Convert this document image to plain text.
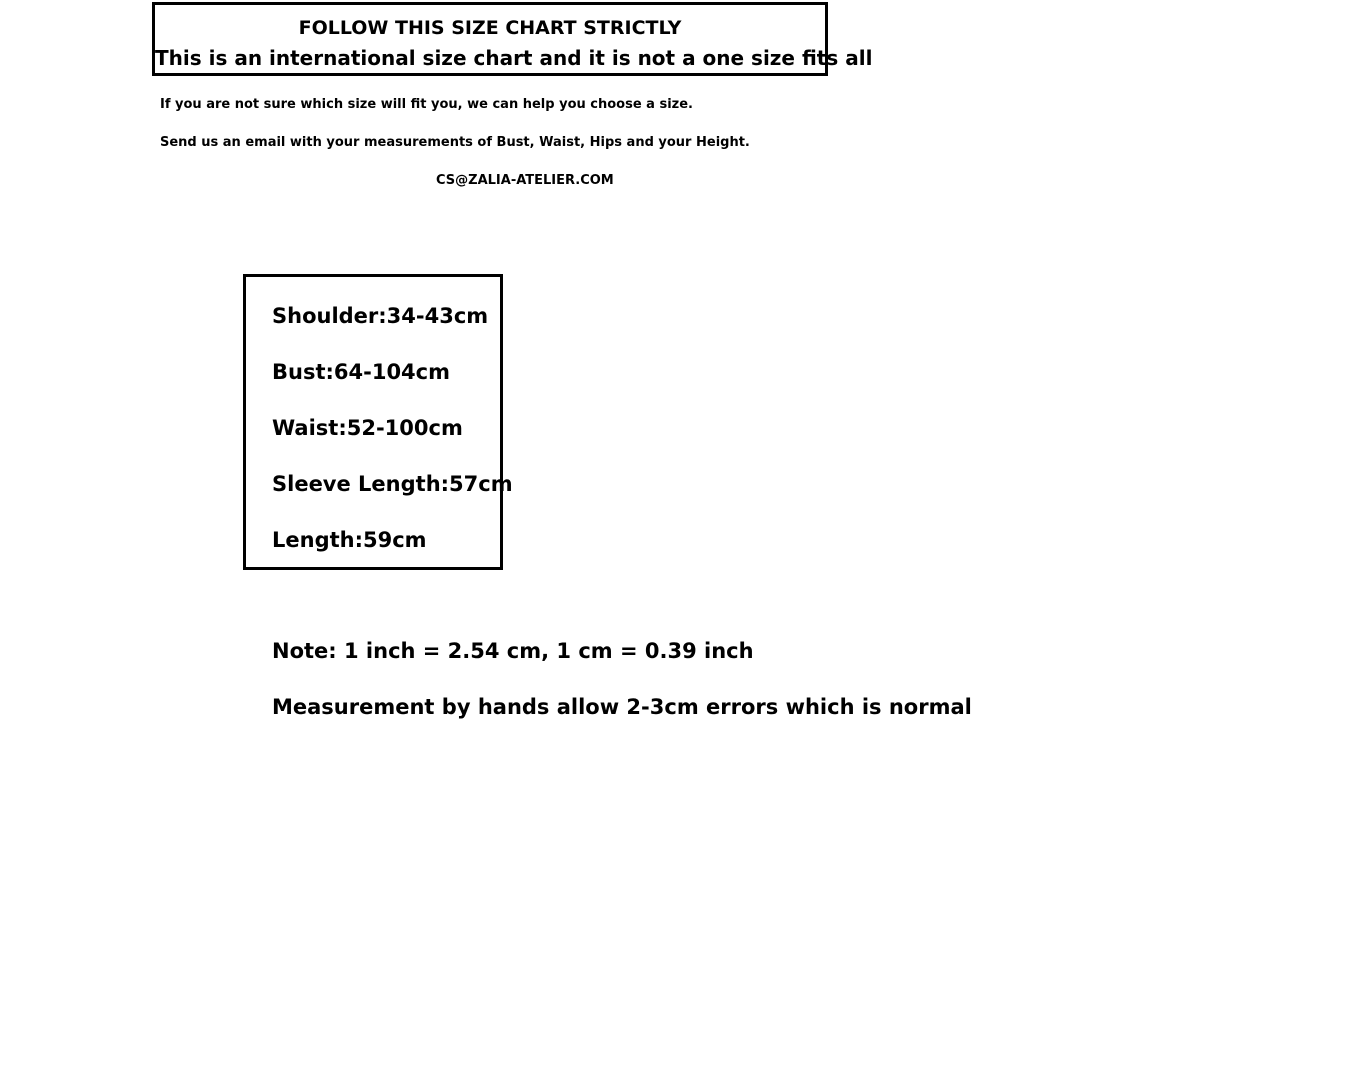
FOLLOW THIS SIZE CHART STRICTLY
This is an international size chart and it is not a one size fits all
If you are not sure which size will fit you, we can help you choose a size.
Send us an email with your measurements of Bust, Waist, Hips and your Height.
CS@ZALIA-ATELIER.COM
Shoulder:34-43cm
Bust:64-104cm
Waist:52-100cm
Sleeve Length:57cm
Length:59cm
Note: 1 inch = 2.54 cm, 1 cm = 0.39 inch
Measurement by hands allow 2-3cm errors which is normal
